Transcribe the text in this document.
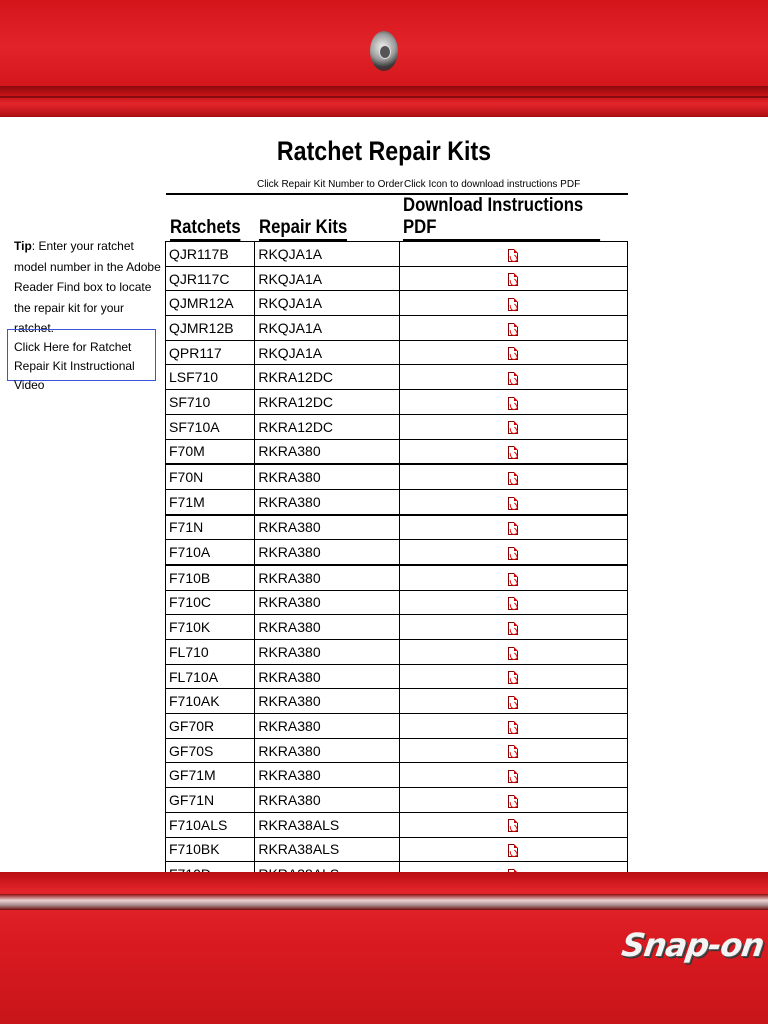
Ratchet Repair Kits
Click Repair Kit Number to Order Click Icon to download instructions PDF
Tip: Enter your ratchet model number in the Adobe Reader Find box to locate the repair kit for your ratchet.
Click Here for Ratchet Repair Kit Instructional Video
Ratchets	Repair Kits	Download Instructions PDF
QJR117B	RKQJA1A	
QJR117C	RKQJA1A	
QJMR12A	RKQJA1A	
QJMR12B	RKQJA1A	
QPR117	RKQJA1A	
LSF710	RKRA12DC	
SF710	RKRA12DC	
SF710A	RKRA12DC	
F70M	RKRA380	
F70N	RKRA380	
F71M	RKRA380	
F71N	RKRA380	
F710A	RKRA380	
F710B	RKRA380	
F710C	RKRA380	
F710K	RKRA380	
FL710	RKRA380	
FL710A	RKRA380	
F710AK	RKRA380	
GF70R	RKRA380	
GF70S	RKRA380	
GF71M	RKRA380	
GF71N	RKRA380	
F710ALS	RKRA38ALS	
F710BK	RKRA38ALS	

Snap-on
